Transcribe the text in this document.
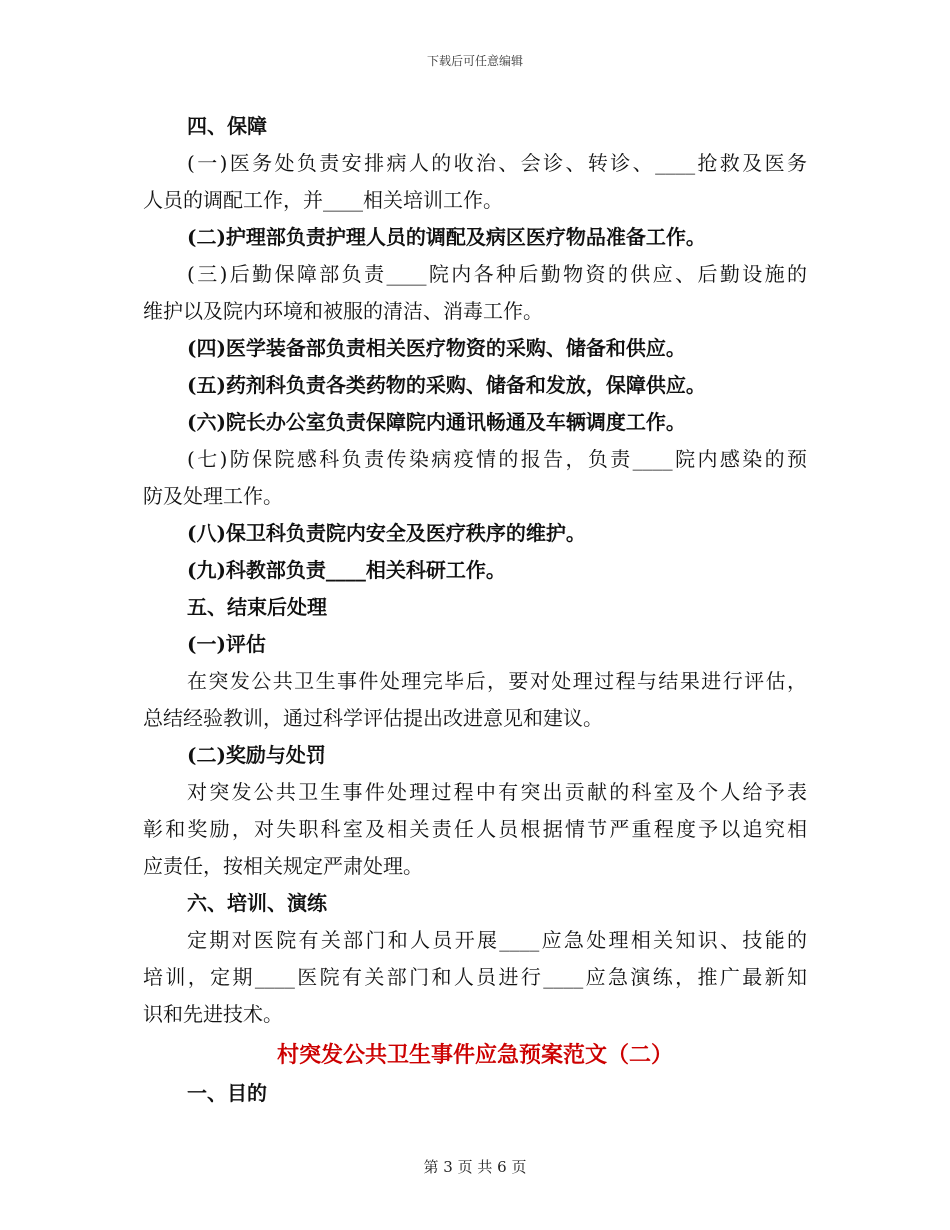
下载后可任意编辑
四、保障
(一)医务处负责安排病人的收治、会诊、转诊、____抢救及医务
人员的调配工作，并____相关培训工作。
(二)护理部负责护理人员的调配及病区医疗物品准备工作。
(三)后勤保障部负责____院内各种后勤物资的供应、后勤设施的
维护以及院内环境和被服的清洁、消毒工作。
(四)医学装备部负责相关医疗物资的采购、储备和供应。
(五)药剂科负责各类药物的采购、储备和发放，保障供应。
(六)院长办公室负责保障院内通讯畅通及车辆调度工作。
(七)防保院感科负责传染病疫情的报告，负责____院内感染的预
防及处理工作。
(八)保卫科负责院内安全及医疗秩序的维护。
(九)科教部负责____相关科研工作。
五、结束后处理
(一)评估
在突发公共卫生事件处理完毕后，要对处理过程与结果进行评估，
总结经验教训，通过科学评估提出改进意见和建议。
(二)奖励与处罚
对突发公共卫生事件处理过程中有突出贡献的科室及个人给予表
彰和奖励，对失职科室及相关责任人员根据情节严重程度予以追究相
应责任，按相关规定严肃处理。
六、培训、演练
定期对医院有关部门和人员开展____应急处理相关知识、技能的
培训，定期____医院有关部门和人员进行____应急演练，推广最新知
识和先进技术。
村突发公共卫生事件应急预案范文（二）
一、目的
第 3 页 共 6 页
